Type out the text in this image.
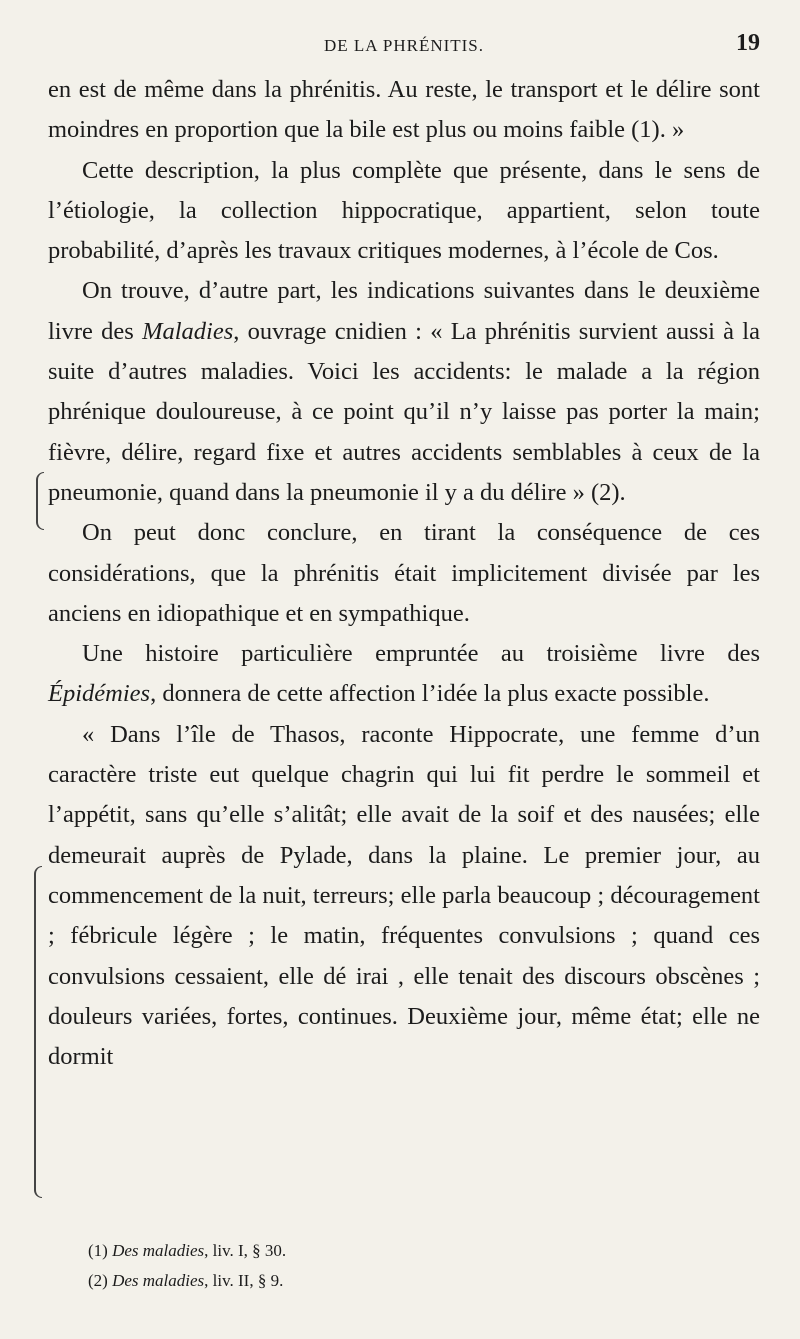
DE LA PHRÉNITIS.	19

en est de même dans la phrénitis. Au reste, le transport et le délire sont moindres en proportion que la bile est plus ou moins faible (1). »

Cette description, la plus complète que présente, dans le sens de l’étiologie, la collection hippocratique, appartient, selon toute probabilité, d’après les travaux critiques modernes, à l’école de Cos.

On trouve, d’autre part, les indications suivantes dans le deuxième livre des Maladies, ouvrage cnidien : « La phrénitis survient aussi à la suite d’autres maladies. Voici les accidents: le malade a la région phrénique douloureuse, à ce point qu’il n’y laisse pas porter la main; fièvre, délire, regard fixe et autres accidents semblables à ceux de la pneumonie, quand dans la pneumonie il y a du délire » (2).

On peut donc conclure, en tirant la conséquence de ces considérations, que la phrénitis était implicitement divisée par les anciens en idiopathique et en sympathique.

Une histoire particulière empruntée au troisième livre des Épidémies, donnera de cette affection l’idée la plus exacte possible.

« Dans l’île de Thasos, raconte Hippocrate, une femme d’un caractère triste eut quelque chagrin qui lui fit perdre le sommeil et l’appétit, sans qu’elle s’alitât; elle avait de la soif et des nausées; elle demeurait auprès de Pylade, dans la plaine. Le premier jour, au commencement de la nuit, terreurs; elle parla beaucoup ; découragement ; fébricule légère ; le matin, fréquentes convulsions ; quand ces convulsions cessaient, elle dé irai , elle tenait des discours obscènes ; douleurs variées, fortes, continues. Deuxième jour, même état; elle ne dormit

(1) Des maladies, liv. I, § 30.
(2) Des maladies, liv. II, § 9.
